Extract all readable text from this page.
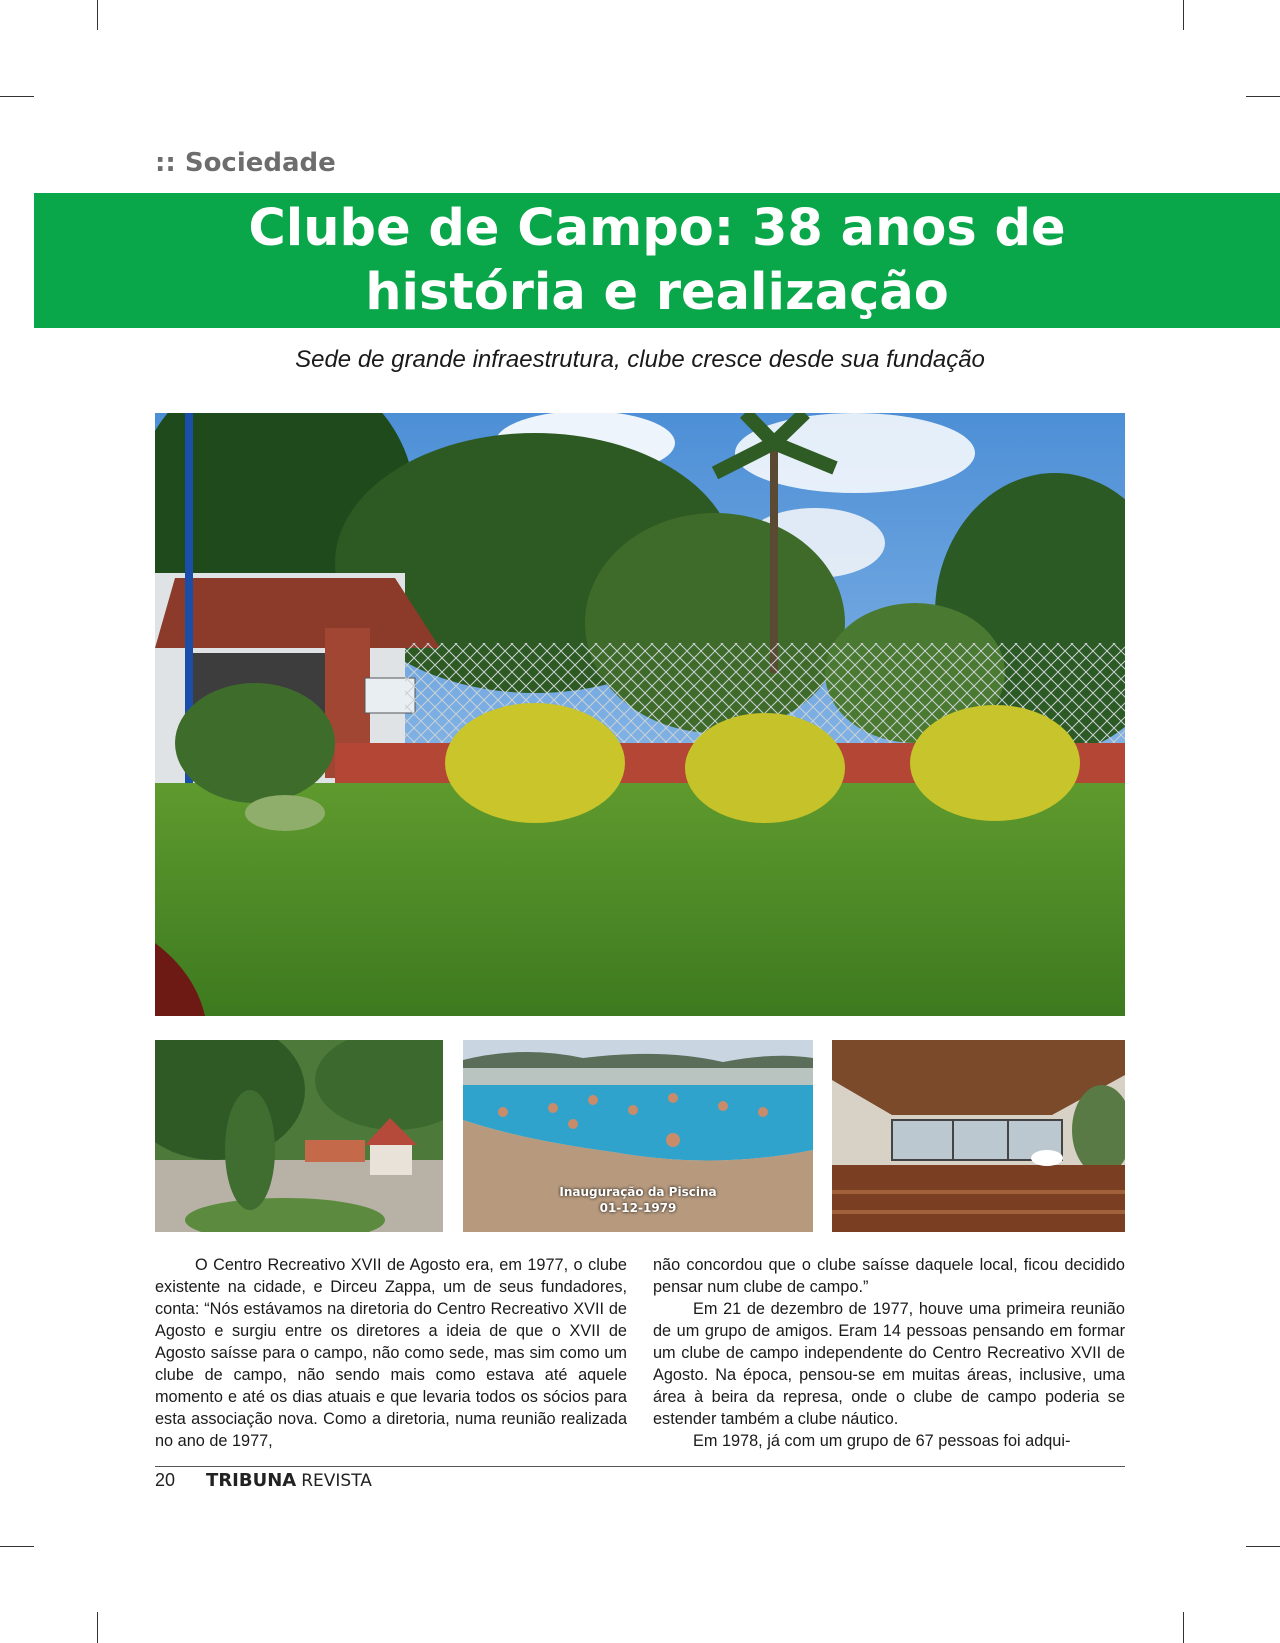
:: Sociedade
Clube de Campo: 38 anos de
história e realização
Sede de grande infraestrutura, clube cresce desde sua fundação
Inauguração da Piscina
01-12-1979

O Centro Recreativo XVII de Agosto era, em 1977, o clube existente na cidade, e Dirceu Zappa, um de seus fundadores, conta: “Nós estávamos na diretoria do Centro Recreativo XVII de Agosto e surgiu entre os diretores a ideia de que o XVII de Agosto saísse para o campo, não como sede, mas sim como um clube de campo, não sendo mais como estava até aquele momento e até os dias atuais e que levaria todos os sócios para esta associação nova. Como a diretoria, numa reunião realizada no ano de 1977,

não concordou que o clube saísse daquele local, ficou decidido pensar num clube de campo.”

Em 21 de dezembro de 1977, houve uma primeira reunião de um grupo de amigos. Eram 14 pessoas pensando em formar um clube de campo independente do Centro Recreativo XVII de Agosto. Na época, pensou-se em muitas áreas, inclusive, uma área à beira da represa, onde o clube de campo poderia se estender também a clube náutico.

Em 1978, já com um grupo de 67 pessoas foi adqui-

20 TRIBUNA REVISTA
